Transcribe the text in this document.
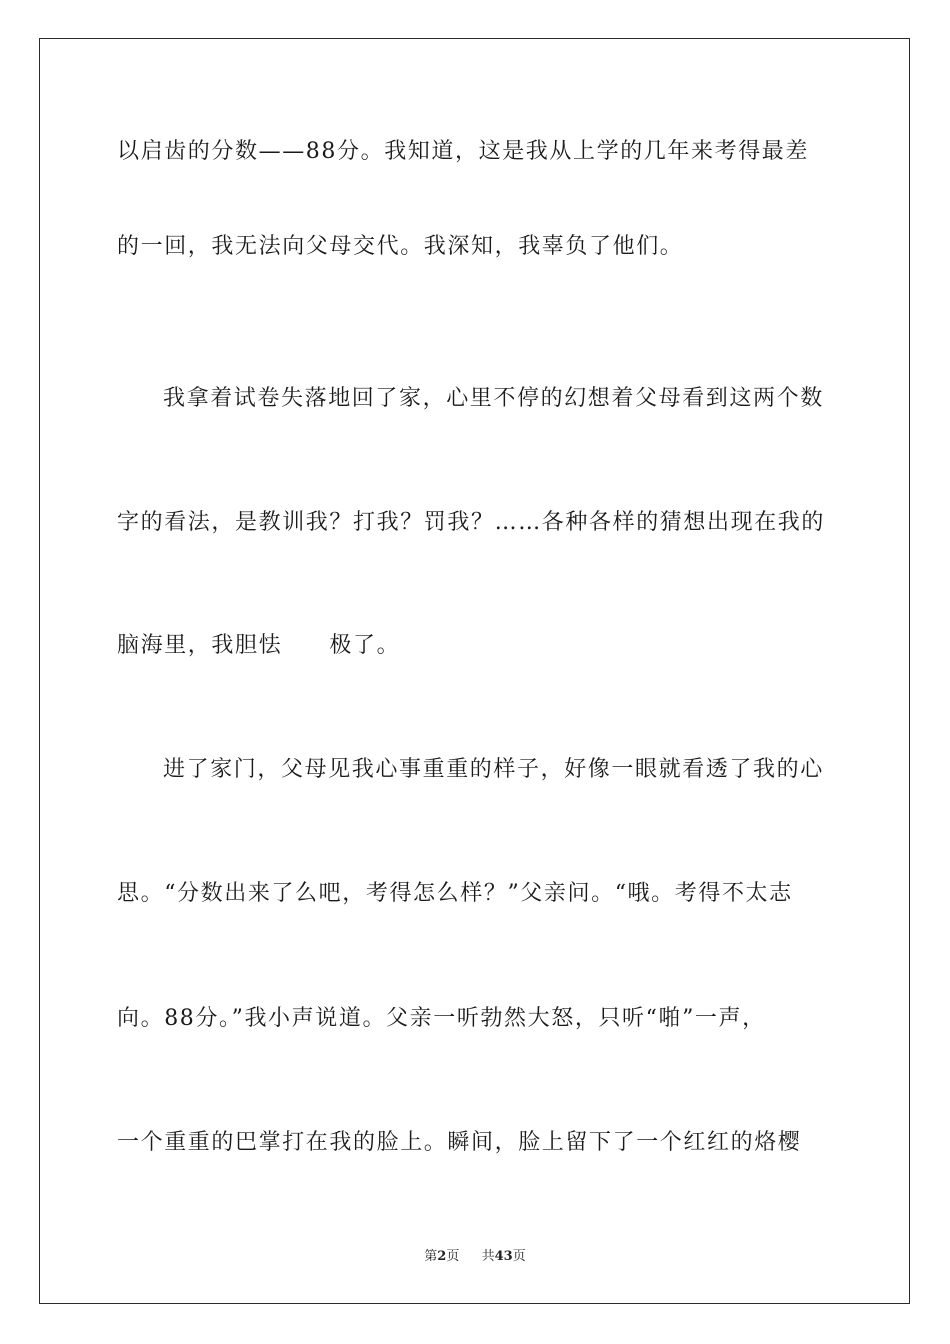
以启齿的分数——88分。我知道，这是我从上学的几年来考得最差
的一回，我无法向父母交代。我深知，我辜负了他们。
我拿着试卷失落地回了家，心里不停的幻想着父母看到这两个数
字的看法，是教训我？打我？罚我？……各种各样的猜想出现在我的
脑海里，我胆怯　　极了。
进了家门，父母见我心事重重的样子，好像一眼就看透了我的心
思。“分数出来了么吧，考得怎么样？”父亲问。“哦。考得不太志
向。88分。”我小声说道。父亲一听勃然大怒，只听“啪”一声，
一个重重的巴掌打在我的脸上。瞬间，脸上留下了一个红红的烙樱
第2页 共43页
